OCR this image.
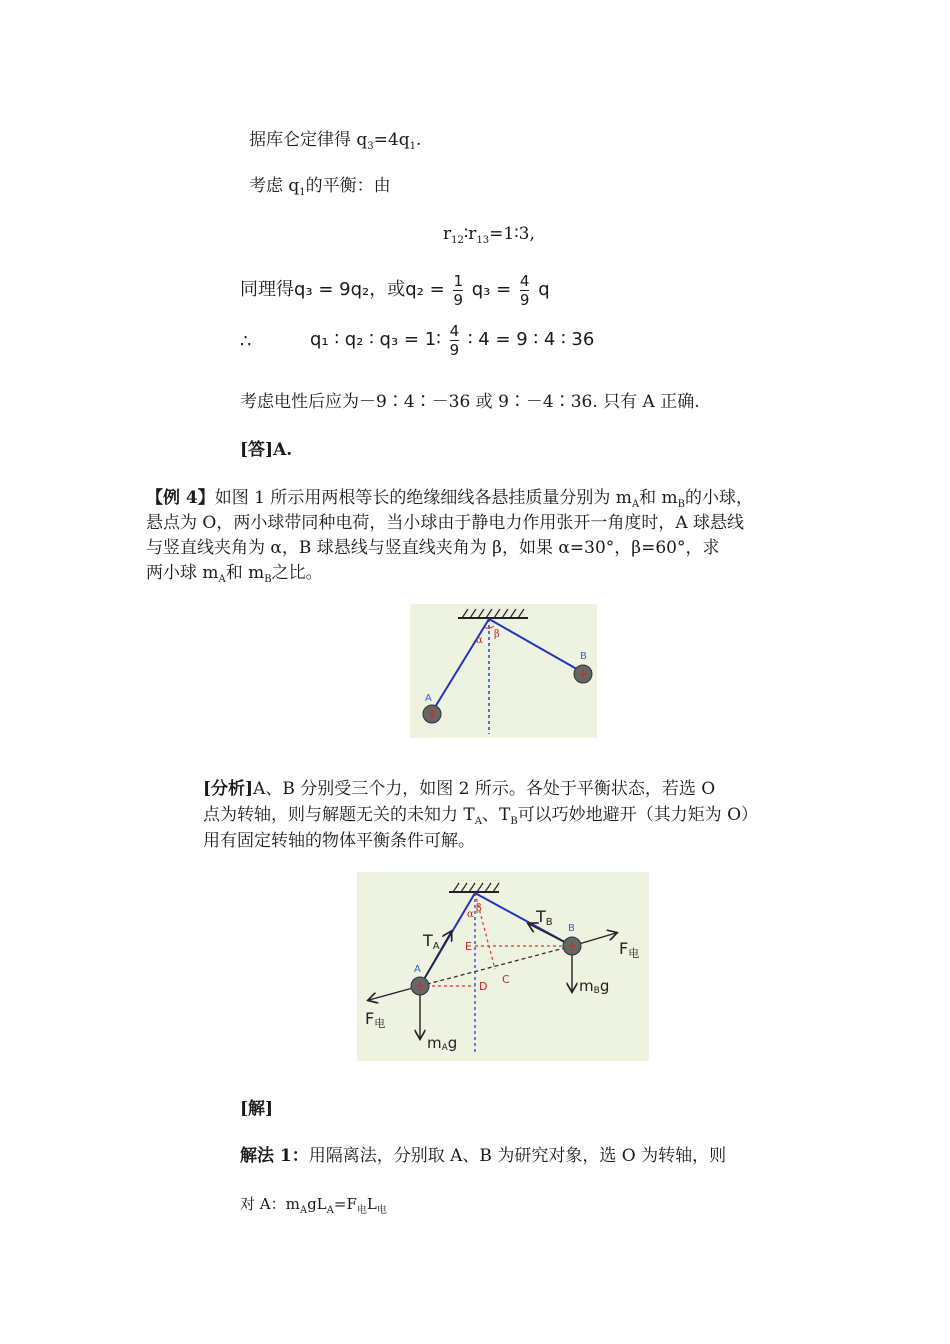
据库仑定律得 $q_3=4q_1$.
考虑 $q_1$的平衡：由
$r_{12}∶r_{13}=1∶3$,
同理得q₃ = 9q₂，或$q_2 = \frac{1}{9} q_3 = \frac{4}{9}$ q
∴	q₁ ∶ q₂ ∶ q₃ = 1∶ $\frac{4}{9}$ ∶ 4 = 9 ∶ 4 ∶ 36
考虑电性后应为－9∶4∶－36 或 9∶－4∶36. 只有 A 正确.
[答]A.
【例 4】如图 1 所示用两根等长的绝缘细线各悬挂质量分别为 $m_A$和 $m_B$的小球，
悬点为 O，两小球带同种电荷，当小球由于静电力作用张开一角度时，A 球悬线
与竖直线夹角为 α，B 球悬线与竖直线夹角为 β，如果 α=30°，β=60°，求
两小球 $m_A$和 $m_B$之比。
α
β
+
A
+
B
[分析]A、B 分别受三个力，如图 2 所示。各处于平衡状态，若选 O
点为转轴，则与解题无关的未知力 $T_A$、$T_B$可以巧妙地避开（其力矩为 O）
用有固定转轴的物体平衡条件可解。
β
α
E
D
C
+
A
+
B
TA
TB
F电
F电
mAg
mBg
[解]
解法 1：用隔离法，分别取 A、B 为研究对象，选 O 为转轴，则
对 A：$m_AgL_A=F_电L_电$
